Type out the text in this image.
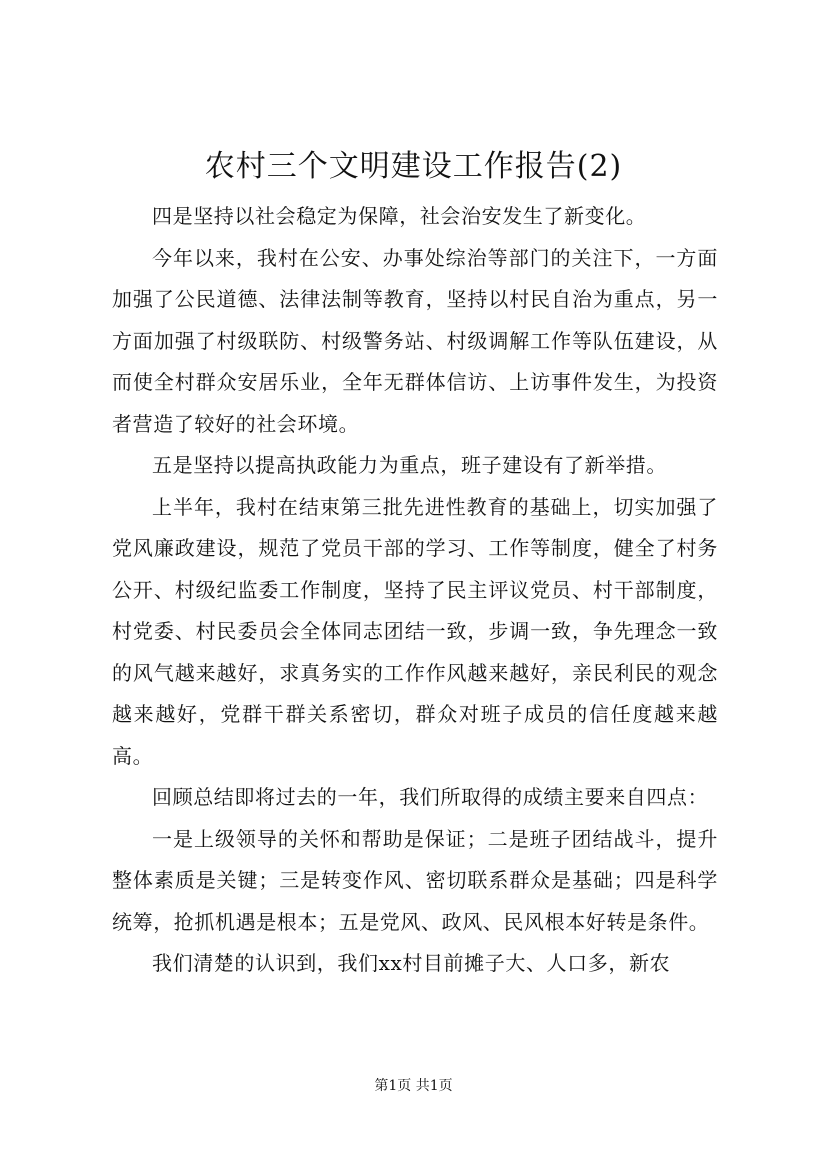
农村三个文明建设工作报告(2)

四是坚持以社会稳定为保障，社会治安发生了新变化。

今年以来，我村在公安、办事处综治等部门的关注下，一方面加强了公民道德、法律法制等教育，坚持以村民自治为重点，另一方面加强了村级联防、村级警务站、村级调解工作等队伍建设，从而使全村群众安居乐业，全年无群体信访、上访事件发生，为投资者营造了较好的社会环境。

五是坚持以提高执政能力为重点，班子建设有了新举措。

上半年，我村在结束第三批先进性教育的基础上，切实加强了党风廉政建设，规范了党员干部的学习、工作等制度，健全了村务公开、村级纪监委工作制度，坚持了民主评议党员、村干部制度，村党委、村民委员会全体同志团结一致，步调一致，争先理念一致的风气越来越好，求真务实的工作作风越来越好，亲民利民的观念越来越好，党群干群关系密切，群众对班子成员的信任度越来越高。

回顾总结即将过去的一年，我们所取得的成绩主要来自四点：

一是上级领导的关怀和帮助是保证；二是班子团结战斗，提升整体素质是关键；三是转变作风、密切联系群众是基础；四是科学统筹，抢抓机遇是根本；五是党风、政风、民风根本好转是条件。

我们清楚的认识到，我们xx村目前摊子大、人口多，新农

第1页 共1页
